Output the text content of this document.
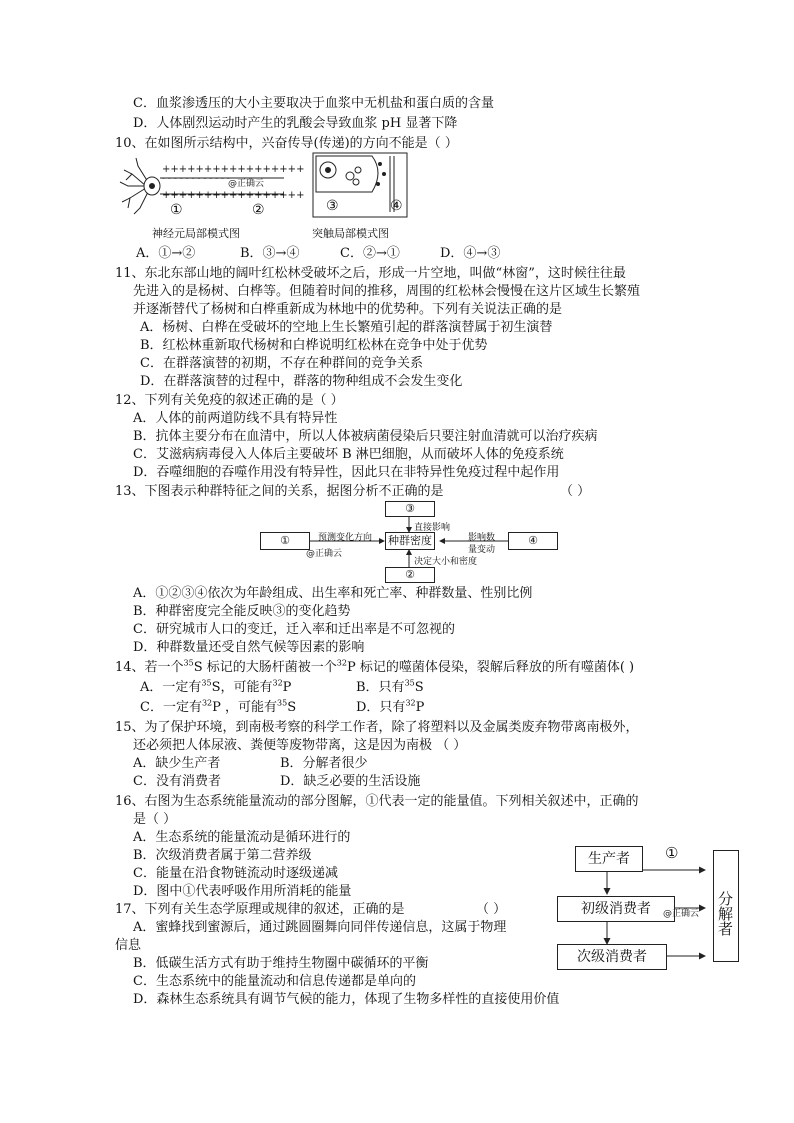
C．血浆渗透压的大小主要取决于血浆中无机盐和蛋白质的含量
D．人体剧烈运动时产生的乳酸会导致血浆 pH 显著下降
10、在如图所示结构中，兴奋传导(传递)的方向不能是（ ）
+++++++++++++++++
- - - - - - - - - - - -
+++++++++++++++++
@正确云
①	②	③	④
神经元局部模式图	突触局部模式图
A．①→②	B．③→④	C．②→①	D．④→③
11、东北东部山地的阔叶红松林受破坏之后，形成一片空地，叫做“林窗”，这时候往往最
先进入的是杨树、白桦等。但随着时间的推移，周围的红松林会慢慢在这片区域生长繁殖
并逐渐替代了杨树和白桦重新成为林地中的优势种。下列有关说法正确的是
A．杨树、白桦在受破坏的空地上生长繁殖引起的群落演替属于初生演替
B．红松林重新取代杨树和白桦说明红松林在竞争中处于优势
C．在群落演替的初期，不存在种群间的竞争关系
D．在群落演替的过程中，群落的物种组成不会发生变化
12、下列有关免疫的叙述正确的是（ ）
A．人体的前两道防线不具有特异性
B．抗体主要分布在血清中，所以人体被病菌侵染后只要注射血清就可以治疗疾病
C．艾滋病病毒侵入人体后主要破坏 B 淋巴细胞，从而破坏人体的免疫系统
D．吞噬细胞的吞噬作用没有特异性，因此只在非特异性免疫过程中起作用
13、下图表示种群特征之间的关系，据图分析不正确的是	（ ）
①	种群密度
③
④
②
预测变化方向
直接影响
影响数
量变动
决定大小和密度
@正确云
A．①②③④依次为年龄组成、出生率和死亡率、种群数量、性别比例
B．种群密度完全能反映③的变化趋势
C．研究城市人口的变迁，迁入率和迁出率是不可忽视的
D．种群数量还受自然气候等因素的影响
14、若一个$^{35}$S 标记的大肠杆菌被一个$^{32}$P 标记的噬菌体侵染，裂解后释放的所有噬菌体( )
A．一定有$^{35}$S，可能有$^{32}$P	B．只有$^{35}$S
C．一定有$^{32}$P ，可能有$^{35}$S	D．只有$^{32}$P
15、为了保护环境，到南极考察的科学工作者，除了将塑料以及金属类废弃物带离南极外，
还必须把人体尿液、粪便等废物带离，这是因为南极 （ ）
A．缺少生产者	B．分解者很少
C．没有消费者	D．缺乏必要的生活设施
16、右图为生态系统能量流动的部分图解，①代表一定的能量值。下列相关叙述中，正确的
是（ ）
A．生态系统的能量流动是循环进行的
B．次级消费者属于第二营养级
C．能量在沿食物链流动时逐级递减
D．图中①代表呼吸作用所消耗的能量
生产者
初级消费者
次级消费者
分解者
①
@正确云
17、下列有关生态学原理或规律的叙述，正确的是	（ ）
A．蜜蜂找到蜜源后，通过跳圆圈舞向同伴传递信息，这属于物理
信息
B．低碳生活方式有助于维持生物圈中碳循环的平衡
C．生态系统中的能量流动和信息传递都是单向的
D．森林生态系统具有调节气候的能力，体现了生物多样性的直接使用价值
